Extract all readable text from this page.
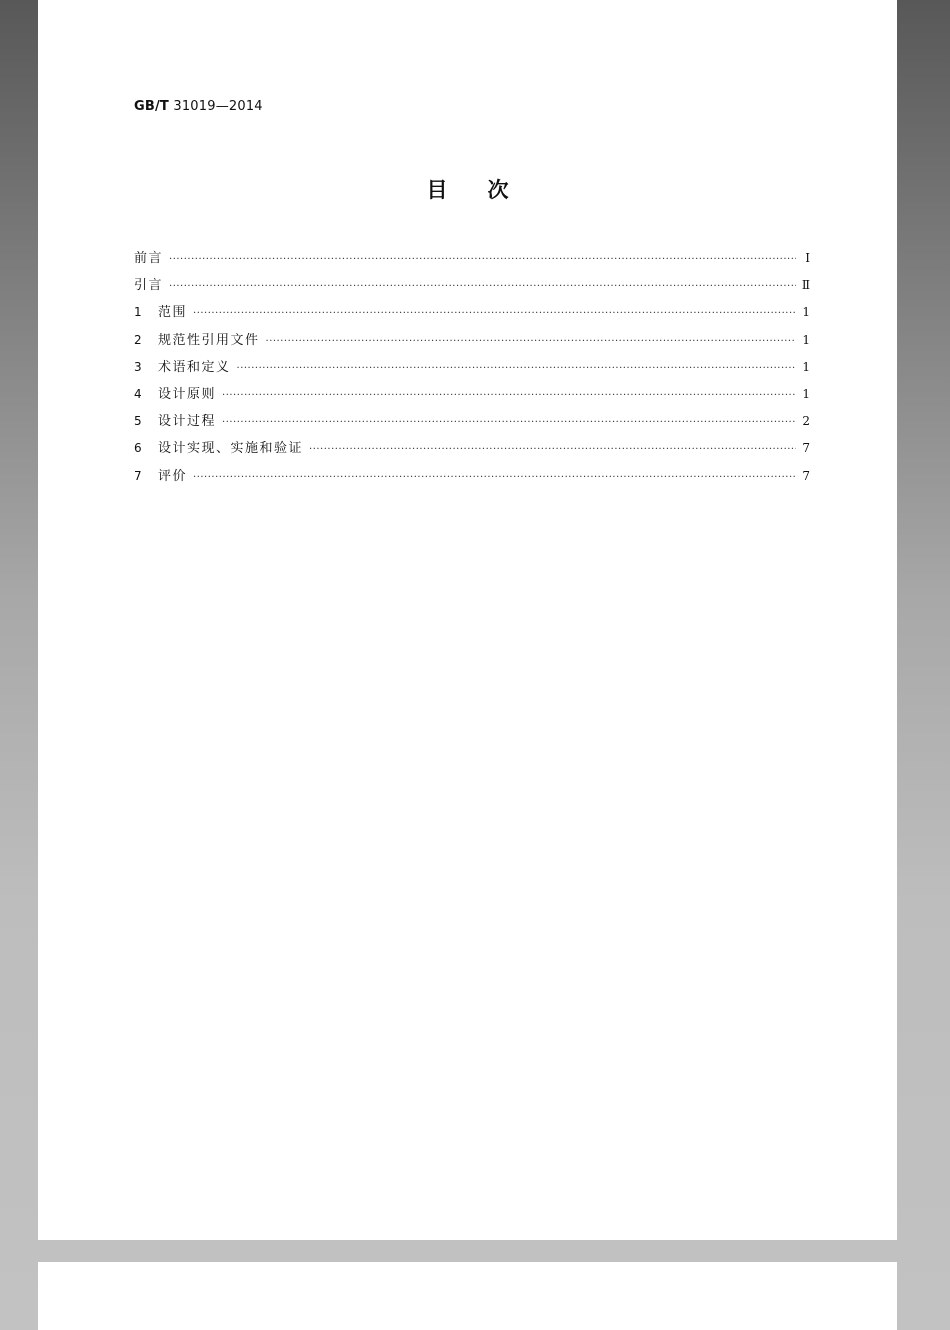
GB/T 31019—2014
目次
前言 ·····	Ⅰ
引言 ·····	Ⅱ
1	范围 ·····	1
2	规范性引用文件 ·····	1
3	术语和定义 ·····	1
4	设计原则 ·····	1
5	设计过程 ·····	2
6	设计实现、实施和验证 ·····	7
7	评价 ·····	7
